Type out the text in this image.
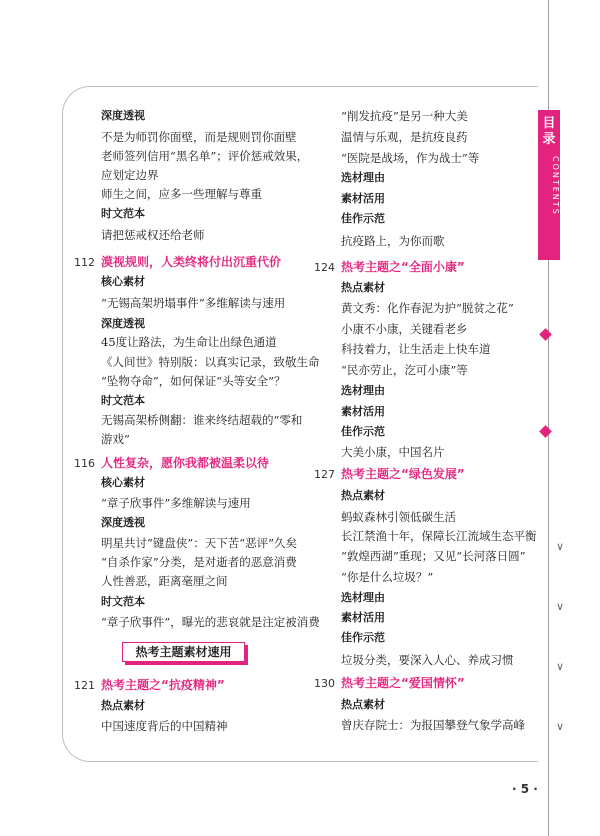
目录
CONTENTS
∨
∨
∨
∨
热考主题素材速用
· 5 ·
深度透视
不是为师罚你面壁，而是规则罚你面壁
老师签列信用“黑名单”；评价惩戒效果，
应划定边界
师生之间，应多一些理解与尊重
时文范本
请把惩戒权还给老师
112 漠视规则，人类终将付出沉重代价
核心素材
“无锡高架坍塌事件”多维解读与速用
深度透视
45度让路法，为生命让出绿色通道
《人间世》特别版：以真实记录，致敬生命
“坠物夺命”，如何保证“头等安全”？
时文范本
无锡高架桥侧翻：谁来终结超载的“零和
游戏”
116 人性复杂，愿你我都被温柔以待
核心素材
“章子欣事件”多维解读与速用
深度透视
明星共讨“键盘侠”：天下苦“恶评”久矣
“自杀作家”分类，是对逝者的恶意消费
人性善恶，距离毫厘之间
时文范本
“章子欣事件”，曝光的悲哀就是注定被消费
121 热考主题之“抗疫精神”
热点素材
中国速度背后的中国精神
“削发抗疫”是另一种大美
温情与乐观，是抗疫良药
“医院是战场，作为战士”等
选材理由
素材活用
佳作示范
抗疫路上，为你而歌
124 热考主题之“全面小康”
热点素材
黄文秀：化作春泥为护“脱贫之花”
小康不小康，关键看老乡
科技着力，让生活走上快车道
“民亦劳止，汔可小康”等
选材理由
素材活用
佳作示范
大美小康，中国名片
127 热考主题之“绿色发展”
热点素材
蚂蚁森林引领低碳生活
长江禁渔十年，保障长江流域生态平衡
“敦煌西湖”重现；又见“长河落日圆”
“你是什么垃圾？”
选材理由
素材活用
佳作示范
垃圾分类，要深入人心、养成习惯
130 热考主题之“爱国情怀”
热点素材
曾庆存院士：为报国攀登气象学高峰
